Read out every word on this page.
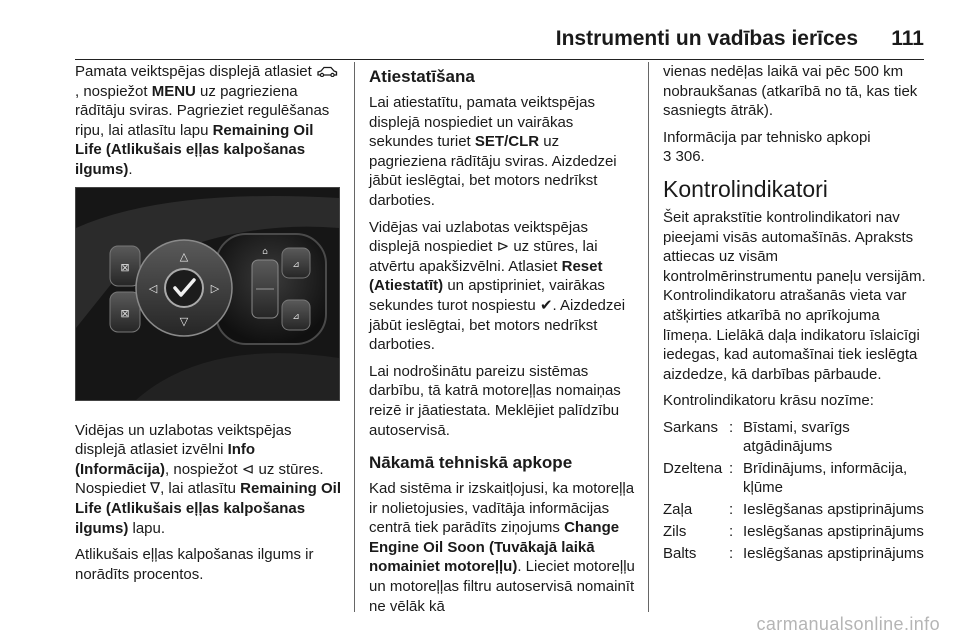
Instrumenti un vadības ierīces 111

Pamata veiktspējas displejā atlasiet , nospiežot MENU uz pagrieziena rādītāju sviras. Pagrieziet regulēšanas ripu, lai atlasītu lapu Remaining Oil Life (Atlikušais eļļas kalpošanas ilgums).

⊠
⊠
△
▽
◁	▷
⊿
⊿
⌂

Vidējas un uzlabotas veiktspējas displejā atlasiet izvēlni Info (Informācija), nospiežot ⊲ uz stūres. Nospiediet ∇, lai atlasītu Remaining Oil Life (Atlikušais eļļas kalpošanas ilgums) lapu.

Atlikušais eļļas kalpošanas ilgums ir norādīts procentos.

Atiestatīšana

Lai atiestatītu, pamata veiktspējas displejā nospiediet un vairākas sekundes turiet SET/CLR uz pagrieziena rādītāju sviras. Aizdedzei jābūt ieslēgtai, bet motors nedrīkst darboties.

Vidējas vai uzlabotas veiktspējas displejā nospiediet ⊳ uz stūres, lai atvērtu apakšizvēlni. Atlasiet Reset (Atiestatīt) un apstipriniet, vairākas sekundes turot nospiestu ✔. Aizdedzei jābūt ieslēgtai, bet motors nedrīkst darboties.

Lai nodrošinātu pareizu sistēmas darbību, tā katrā motoreļļas nomaiņas reizē ir jāatiestata. Meklējiet palīdzību autoservisā.

Nākamā tehniskā apkope

Kad sistēma ir izskaitļojusi, ka motoreļļa ir nolietojusies, vadītāja informācijas centrā tiek parādīts ziņojums Change Engine Oil Soon (Tuvākajā laikā nomainiet motoreļļu). Lieciet motoreļļu un motoreļļas filtru autoservisā nomainīt ne vēlāk kā

vienas nedēļas laikā vai pēc 500 km nobraukšanas (atkarībā no tā, kas tiek sasniegts ātrāk).

Informācija par tehnisko apkopi
3 306.

Kontrolindikatori

Šeit aprakstītie kontrolindikatori nav pieejami visās automašīnās. Apraksts attiecas uz visām kontrolmērinstrumentu paneļu versijām. Kontrolindikatoru atrašanās vieta var atšķirties atkarībā no aprīkojuma līmeņa. Lielākā daļa indikatoru īslaicīgi iedegas, kad automašīnai tiek ieslēgta aizdedze, kā darbības pārbaude.

Kontrolindikatoru krāsu nozīme:

Sarkans	:	Bīstami, svarīgs atgādinājums
Dzeltena	:	Brīdinājums, informācija, kļūme
Zaļa	:	Ieslēgšanas apstiprinājums
Zils	:	Ieslēgšanas apstiprinājums
Balts	:	Ieslēgšanas apstiprinājums
carmanualsonline.info
